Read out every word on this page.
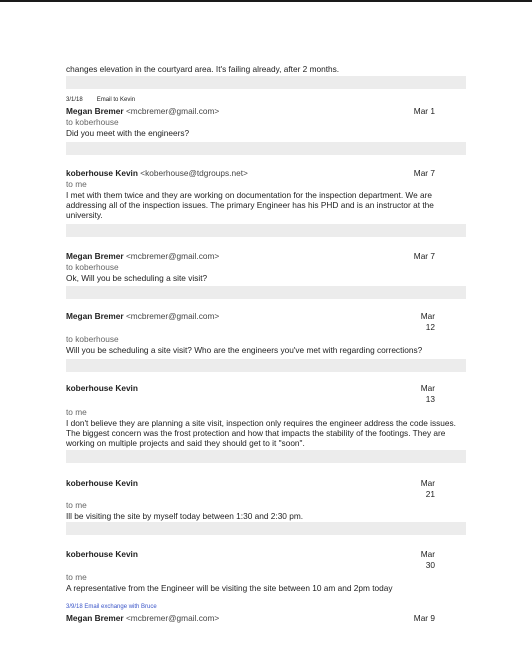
changes elevation in the courtyard area. It's failing already, after 2 months.
3/1/18 Email to Kevin
Megan Bremer <mcbremer@gmail.com>	Mar 1
to koberhouse
Did you meet with the engineers?
koberhouse Kevin <koberhouse@tdgroups.net>	Mar 7
to me
I met with them twice and they are working on documentation for the inspection department. We are addressing all of the inspection issues. The primary Engineer has his PHD and is an instructor at the university.
Megan Bremer <mcbremer@gmail.com>	Mar 7
to koberhouse
Ok, Will you be scheduling a site visit?
Megan Bremer <mcbremer@gmail.com>	Mar
12
to koberhouse
Will you be scheduling a site visit? Who are the engineers you've met with regarding corrections?
koberhouse Kevin	Mar
13
to me
I don't believe they are planning a site visit, inspection only requires the engineer address the code issues. The biggest concern was the frost protection and how that impacts the stability of the footings. They are working on multiple projects and said they should get to it "soon".
koberhouse Kevin	Mar
21
to me
Ill be visiting the site by myself today between 1:30 and 2:30 pm.
koberhouse Kevin	Mar
30
to me
A representative from the Engineer will be visiting the site between 10 am and 2pm today
3/9/18 Email exchange with Bruce
Megan Bremer <mcbremer@gmail.com>	Mar 9
